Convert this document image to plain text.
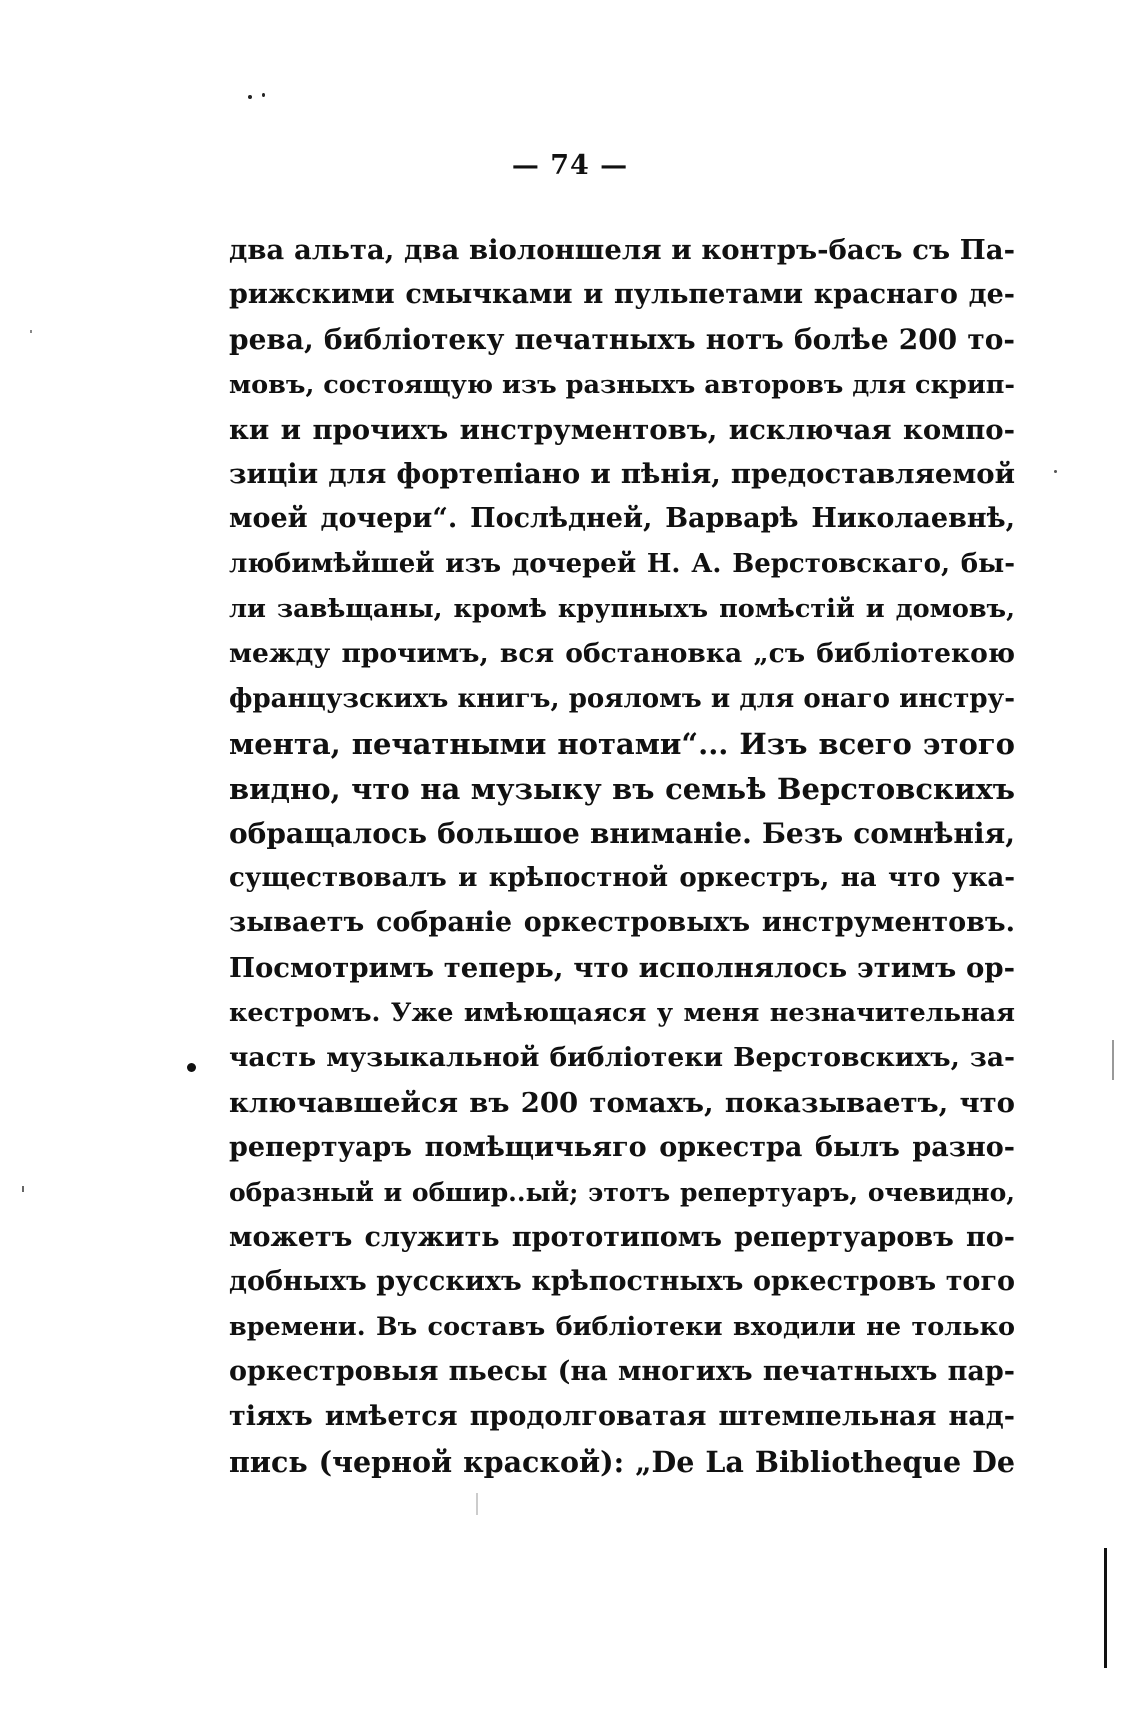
— 74 —
два альта, два віолоншеля и контръ-басъ съ Па-
рижскими смычками и пульпетами краснаго де-
рева, библіотеку печатныхъ нотъ болѣе 200 то-
мовъ, состоящую изъ разныхъ авторовъ для скрип-
ки и прочихъ инструментовъ, исключая компо-
зиціи для фортепіано и пѣнія, предоставляемой
моей дочери“. Послѣдней, Варварѣ Николаевнѣ,
любимѣйшей изъ дочерей Н. А. Верстовскаго, бы-
ли завѣщаны, кромѣ крупныхъ помѣстій и домовъ,
между прочимъ, вся обстановка „съ библіотекою
французскихъ книгъ, рояломъ и для онаго инстру-
мента, печатными нотами“... Изъ всего этого
видно, что на музыку въ семьѣ Верстовскихъ
обращалось большое вниманіе. Безъ сомнѣнія,
существовалъ и крѣпостной оркестръ, на что ука-
зываетъ собраніе оркестровыхъ инструментовъ.
Посмотримъ теперь, что исполнялось этимъ ор-
кестромъ. Уже имѣющаяся у меня незначительная
часть музыкальной библіотеки Верстовскихъ, за-
ключавшейся въ 200 томахъ, показываетъ, что
репертуаръ помѣщичьяго оркестра былъ разно-
образный и обшир..ый; этотъ репертуаръ, очевидно,
можетъ служить прототипомъ репертуаровъ по-
добныхъ русскихъ крѣпостныхъ оркестровъ того
времени. Въ составъ библіотеки входили не только
оркестровыя пьесы (на многихъ печатныхъ пар-
тіяхъ имѣется продолговатая штемпельная над-
пись (черной краской): „De La Bibliotheque De
